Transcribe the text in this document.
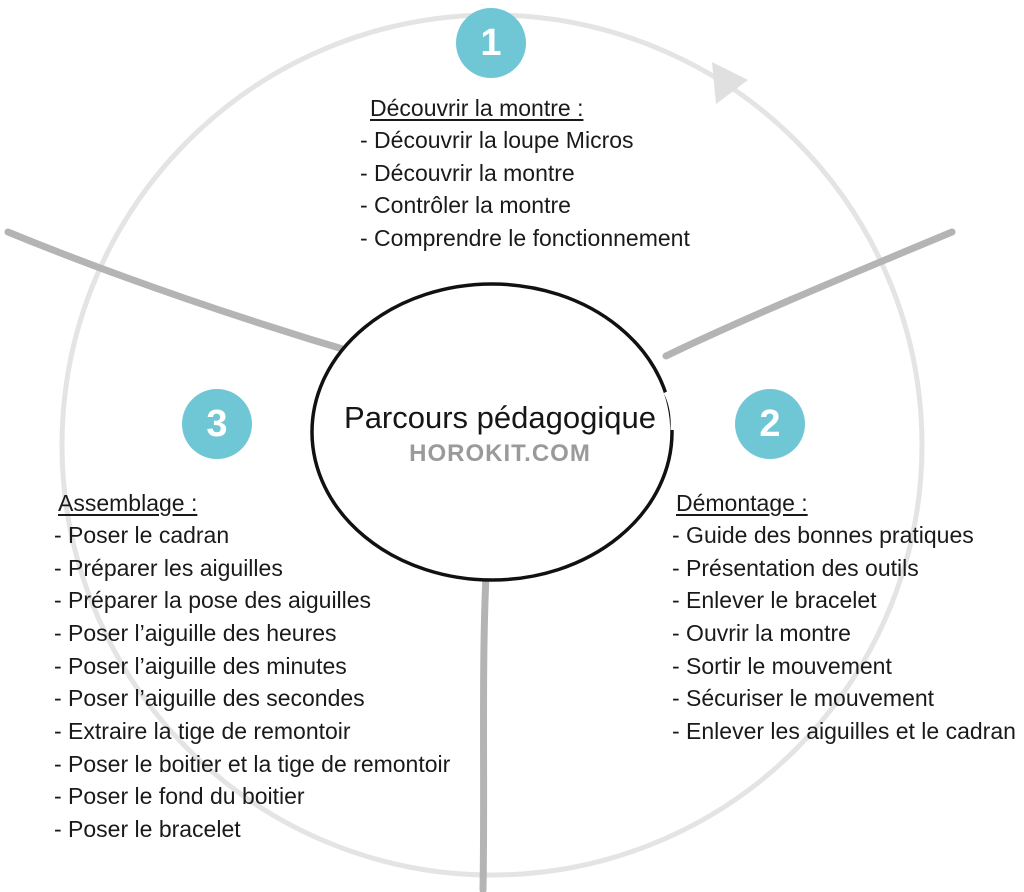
Parcours pédagogique
HOROKIT.COM
1
2
3
Découvrir la montre :
- Découvrir la loupe Micros
- Découvrir la montre
- Contrôler la montre
- Comprendre le fonctionnement
Démontage :
- Guide des bonnes pratiques
- Présentation des outils
- Enlever le bracelet
- Ouvrir la montre
- Sortir le mouvement
- Sécuriser le mouvement
- Enlever les aiguilles et le cadran
Assemblage :
- Poser le cadran
- Préparer les aiguilles
- Préparer la pose des aiguilles
- Poser l’aiguille des heures
- Poser l’aiguille des minutes
- Poser l’aiguille des secondes
- Extraire la tige de remontoir
- Poser le boitier et la tige de remontoir
- Poser le fond du boitier
- Poser le bracelet
